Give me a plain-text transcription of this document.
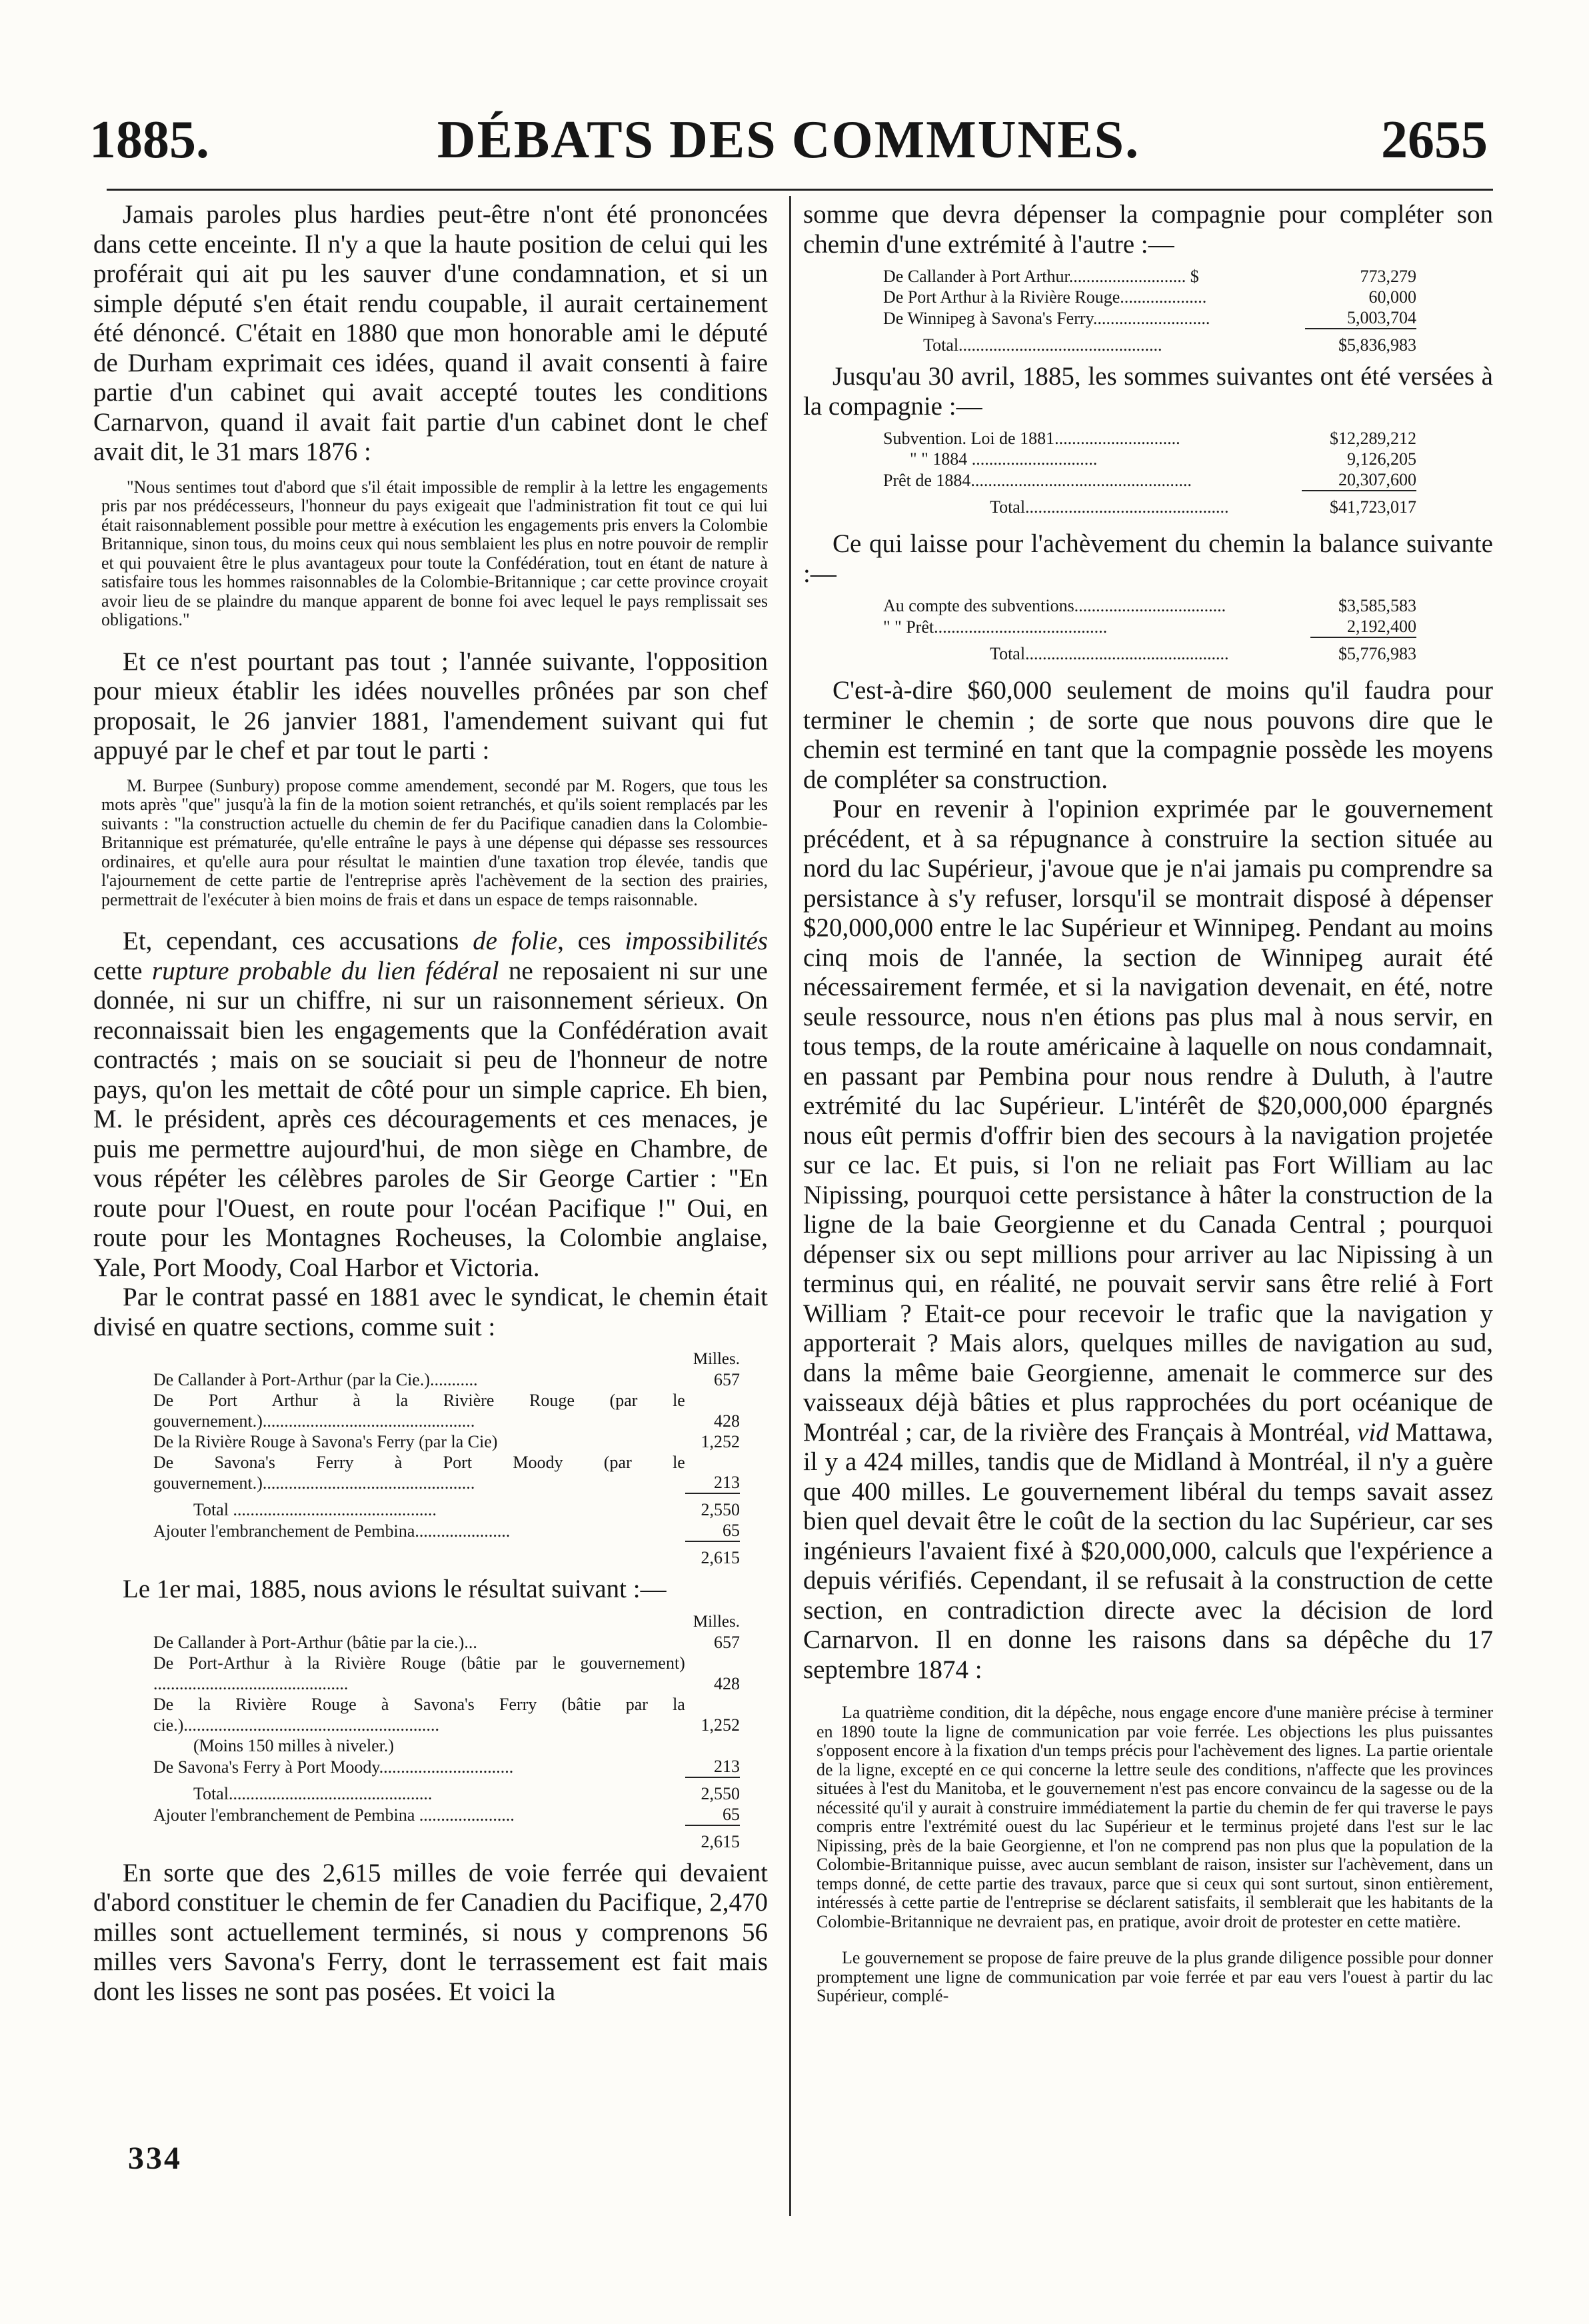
1885.	DÉBATS DES COMMUNES.	2655

Jamais paroles plus hardies peut-être n'ont été prononcées dans cette enceinte. Il n'y a que la haute position de celui qui les proférait qui ait pu les sauver d'une condamnation, et si un simple député s'en était rendu coupable, il aurait certainement été dénoncé. C'était en 1880 que mon honorable ami le député de Durham exprimait ces idées, quand il avait consenti à faire partie d'un cabinet qui avait accepté toutes les conditions Carnarvon, quand il avait fait partie d'un cabinet dont le chef avait dit, le 31 mars 1876 :

"Nous sentimes tout d'abord que s'il était impossible de remplir à la lettre les engagements pris par nos prédécesseurs, l'honneur du pays exigeait que l'administration fit tout ce qui lui était raisonnablement possible pour mettre à exécution les engagements pris envers la Colombie Britannique, sinon tous, du moins ceux qui nous semblaient les plus en notre pouvoir de remplir et qui pouvaient être le plus avantageux pour toute la Confédération, tout en étant de nature à satisfaire tous les hommes raisonnables de la Colombie-Britannique ; car cette province croyait avoir lieu de se plaindre du manque apparent de bonne foi avec lequel le pays remplissait ses obligations."

Et ce n'est pourtant pas tout ; l'année suivante, l'opposition pour mieux établir les idées nouvelles prônées par son chef proposait, le 26 janvier 1881, l'amendement suivant qui fut appuyé par le chef et par tout le parti :

M. Burpee (Sunbury) propose comme amendement, secondé par M. Rogers, que tous les mots après "que" jusqu'à la fin de la motion soient retranchés, et qu'ils soient remplacés par les suivants : "la construction actuelle du chemin de fer du Pacifique canadien dans la Colombie-Britannique est prématurée, qu'elle entraîne le pays à une dépense qui dépasse ses ressources ordinaires, et qu'elle aura pour résultat le maintien d'une taxation trop élevée, tandis que l'ajournement de cette partie de l'entreprise après l'achèvement de la section des prairies, permettrait de l'exécuter à bien moins de frais et dans un espace de temps raisonnable.

Et, cependant, ces accusations de folie, ces impossibilités cette rupture probable du lien fédéral ne reposaient ni sur une donnée, ni sur un chiffre, ni sur un raisonnement sérieux. On reconnaissait bien les engagements que la Confédération avait contractés ; mais on se souciait si peu de l'honneur de notre pays, qu'on les mettait de côté pour un simple caprice. Eh bien, M. le président, après ces découragements et ces menaces, je puis me permettre aujourd'hui, de mon siège en Chambre, de vous répéter les célèbres paroles de Sir George Cartier : "En route pour l'Ouest, en route pour l'océan Pacifique !" Oui, en route pour les Montagnes Rocheuses, la Colombie anglaise, Yale, Port Moody, Coal Harbor et Victoria.

Par le contrat passé en 1881 avec le syndicat, le chemin était divisé en quatre sections, comme suit :

	Milles.
De Callander à Port-Arthur (par la Cie.)...........	657
De Port Arthur à la Rivière Rouge (par le gouvernement.).................................................	428
De la Rivière Rouge à Savona's Ferry (par la Cie)	1,252
De Savona's Ferry à Port Moody (par le gouvernement.).................................................	213
Total ...............................................	2,550
Ajouter l'embranchement de Pembina......................	65
	2,615

Le 1er mai, 1885, nous avions le résultat suivant :—

	Milles.
De Callander à Port-Arthur (bâtie par la cie.)...	657
De Port-Arthur à la Rivière Rouge (bâtie par le gouvernement) .............................................	428
De la Rivière Rouge à Savona's Ferry (bâtie par la cie.)...........................................................	1,252
(Moins 150 milles à niveler.)	
De Savona's Ferry à Port Moody...............................	213
Total...............................................	2,550
Ajouter l'embranchement de Pembina ......................	65
	2,615

En sorte que des 2,615 milles de voie ferrée qui devaient d'abord constituer le chemin de fer Canadien du Pacifique, 2,470 milles sont actuellement terminés, si nous y comprenons 56 milles vers Savona's Ferry, dont le terrassement est fait mais dont les lisses ne sont pas posées. Et voici la

somme que devra dépenser la compagnie pour compléter son chemin d'une extrémité à l'autre :—

De Callander à Port Arthur........................... $	773,279
De Port Arthur à la Rivière Rouge....................	60,000
De Winnipeg à Savona's Ferry...........................	5,003,704
Total...............................................	$5,836,983

Jusqu'au 30 avril, 1885, les sommes suivantes ont été versées à la compagnie :—

Subvention. Loi de 1881.............................	$12,289,212
" " 1884 .............................	9,126,205
Prêt de 1884...................................................	20,307,600
Total...............................................	$41,723,017

Ce qui laisse pour l'achèvement du chemin la balance suivante :—

Au compte des subventions...................................	$3,585,583
" " Prêt........................................	2,192,400
Total...............................................	$5,776,983

C'est-à-dire $60,000 seulement de moins qu'il faudra pour terminer le chemin ; de sorte que nous pouvons dire que le chemin est terminé en tant que la compagnie possède les moyens de compléter sa construction.

Pour en revenir à l'opinion exprimée par le gouvernement précédent, et à sa répugnance à construire la section située au nord du lac Supérieur, j'avoue que je n'ai jamais pu comprendre sa persistance à s'y refuser, lorsqu'il se montrait disposé à dépenser $20,000,000 entre le lac Supérieur et Winnipeg. Pendant au moins cinq mois de l'année, la section de Winnipeg aurait été nécessairement fermée, et si la navigation devenait, en été, notre seule ressource, nous n'en étions pas plus mal à nous servir, en tous temps, de la route américaine à laquelle on nous condamnait, en passant par Pembina pour nous rendre à Duluth, à l'autre extrémité du lac Supérieur. L'intérêt de $20,000,000 épargnés nous eût permis d'offrir bien des secours à la navigation projetée sur ce lac. Et puis, si l'on ne reliait pas Fort William au lac Nipissing, pourquoi cette persistance à hâter la construction de la ligne de la baie Georgienne et du Canada Central ; pourquoi dépenser six ou sept millions pour arriver au lac Nipissing à un terminus qui, en réalité, ne pouvait servir sans être relié à Fort William ? Etait-ce pour recevoir le trafic que la navigation y apporterait ? Mais alors, quelques milles de navigation au sud, dans la même baie Georgienne, amenait le commerce sur des vaisseaux déjà bâties et plus rapprochées du port océanique de Montréal ; car, de la rivière des Français à Montréal, vid Mattawa, il y a 424 milles, tandis que de Midland à Montréal, il n'y a guère que 400 milles. Le gouvernement libéral du temps savait assez bien quel devait être le coût de la section du lac Supérieur, car ses ingénieurs l'avaient fixé à $20,000,000, calculs que l'expérience a depuis vérifiés. Cependant, il se refusait à la construction de cette section, en contradiction directe avec la décision de lord Carnarvon. Il en donne les raisons dans sa dépêche du 17 septembre 1874 :

La quatrième condition, dit la dépêche, nous engage encore d'une manière précise à terminer en 1890 toute la ligne de communication par voie ferrée. Les objections les plus puissantes s'opposent encore à la fixation d'un temps précis pour l'achèvement des lignes. La partie orientale de la ligne, excepté en ce qui concerne la lettre seule des conditions, n'affecte que les provinces situées à l'est du Manitoba, et le gouvernement n'est pas encore convaincu de la sagesse ou de la nécessité qu'il y aurait à construire immédiatement la partie du chemin de fer qui traverse le pays compris entre l'extrémité ouest du lac Supérieur et le terminus projeté dans l'est sur le lac Nipissing, près de la baie Georgienne, et l'on ne comprend pas non plus que la population de la Colombie-Britannique puisse, avec aucun semblant de raison, insister sur l'achèvement, dans un temps donné, de cette partie des travaux, parce que si ceux qui sont surtout, sinon entièrement, intéressés à cette partie de l'entreprise se déclarent satisfaits, il semblerait que les habitants de la Colombie-Britannique ne devraient pas, en pratique, avoir droit de protester en cette matière.

Le gouvernement se propose de faire preuve de la plus grande diligence possible pour donner promptement une ligne de communication par voie ferrée et par eau vers l'ouest à partir du lac Supérieur, complé-

334
